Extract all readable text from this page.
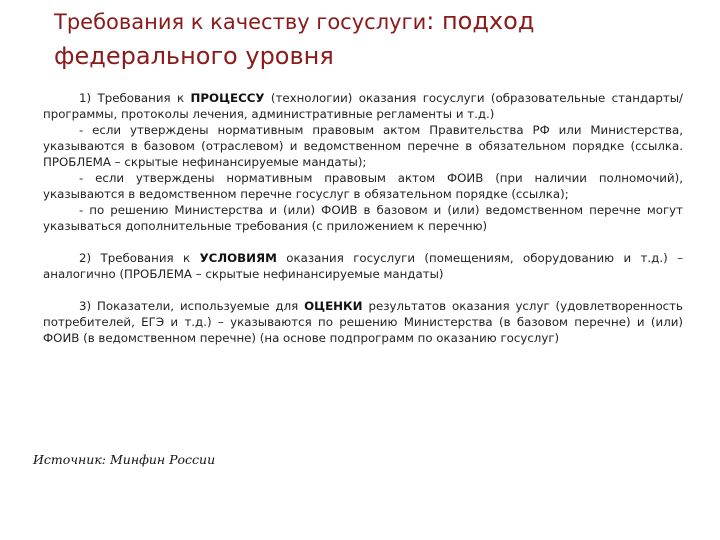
Требования к качеству госуслуги: подход
федерального уровня

1) Требования к ПРОЦЕССУ (технологии) оказания госуслуги (образовательные стандарты/программы, протоколы лечения, административные регламенты и т.д.)

- если утверждены нормативным правовым актом Правительства РФ или Министерства, указываются в базовом (отраслевом) и ведомственном перечне в обязательном порядке (ссылка. ПРОБЛЕМА – скрытые нефинансируемые мандаты);

- если утверждены нормативным правовым актом ФОИВ (при наличии полномочий), указываются в ведомственном перечне госуслуг в обязательном порядке (ссылка);

- по решению Министерства и (или) ФОИВ в базовом и (или) ведомственном перечне могут указываться дополнительные требования (с приложением к перечню)

2) Требования к УСЛОВИЯМ оказания госуслуги (помещениям, оборудованию и т.д.) – аналогично (ПРОБЛЕМА – скрытые нефинансируемые мандаты)

3) Показатели, используемые для ОЦЕНКИ результатов оказания услуг (удовлетворенность потребителей, ЕГЭ и т.д.) – указываются по решению Министерства (в базовом перечне) и (или) ФОИВ (в ведомственном перечне) (на основе подпрограмм по оказанию госуслуг)

Источник: Минфин России
